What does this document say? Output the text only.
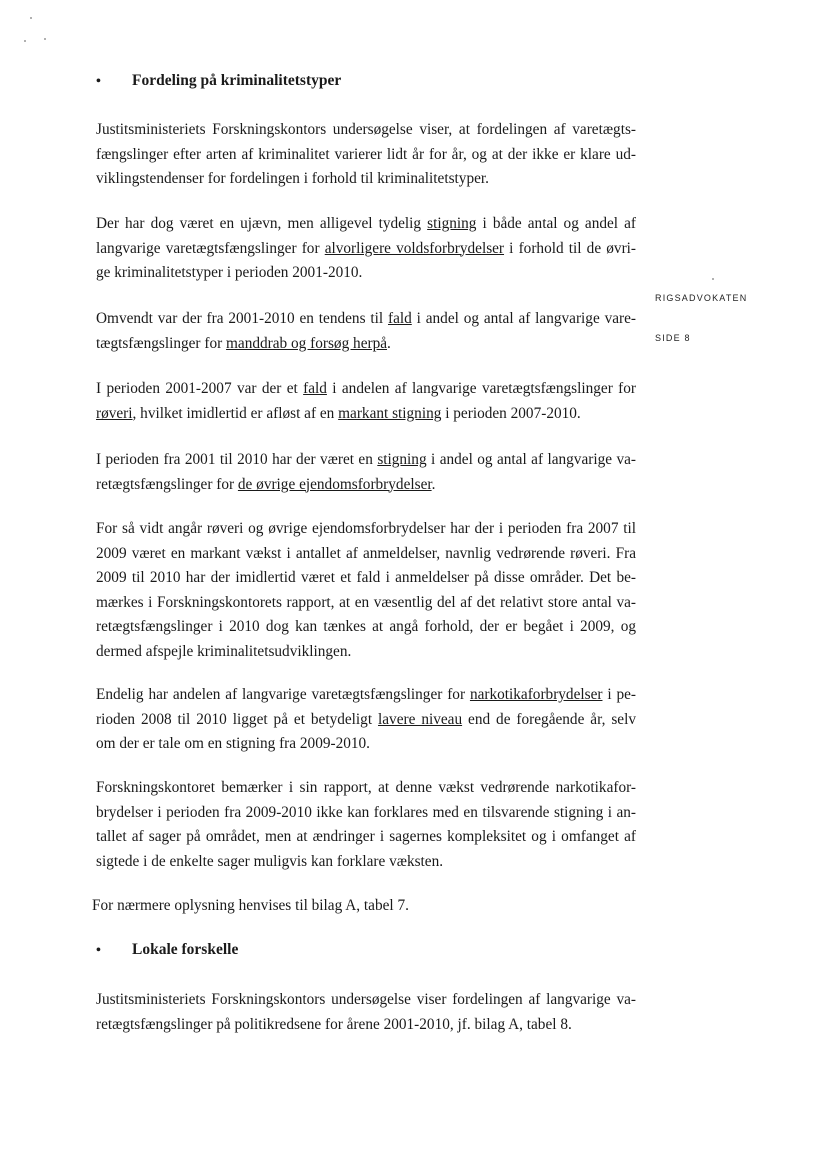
RIGSADVOKATEN
SIDE 8
• Fordeling på kriminalitetstyper
Justitsministeriets Forskningskontors undersøgelse viser, at fordelingen af varetægts-
fængslinger efter arten af kriminalitet varierer lidt år for år, og at der ikke er klare ud-
viklingstendenser for fordelingen i forhold til kriminalitetstyper.
Der har dog været en ujævn, men alligevel tydelig stigning i både antal og andel af
langvarige varetægtsfængslinger for alvorligere voldsforbrydelser i forhold til de øvri-
ge kriminalitetstyper i perioden 2001-2010.
Omvendt var der fra 2001-2010 en tendens til fald i andel og antal af langvarige vare-
tægtsfængslinger for manddrab og forsøg herpå.
I perioden 2001-2007 var der et fald i andelen af langvarige varetægtsfængslinger for
røveri, hvilket imidlertid er afløst af en markant stigning i perioden 2007-2010.
I perioden fra 2001 til 2010 har der været en stigning i andel og antal af langvarige va-
retægtsfængslinger for de øvrige ejendomsforbrydelser.
For så vidt angår røveri og øvrige ejendomsforbrydelser har der i perioden fra 2007 til
2009 været en markant vækst i antallet af anmeldelser, navnlig vedrørende røveri. Fra
2009 til 2010 har der imidlertid været et fald i anmeldelser på disse områder. Det be-
mærkes i Forskningskontorets rapport, at en væsentlig del af det relativt store antal va-
retægtsfængslinger i 2010 dog kan tænkes at angå forhold, der er begået i 2009, og
dermed afspejle kriminalitetsudviklingen.
Endelig har andelen af langvarige varetægtsfængslinger for narkotikaforbrydelser i pe-
rioden 2008 til 2010 ligget på et betydeligt lavere niveau end de foregående år, selv
om der er tale om en stigning fra 2009-2010.
Forskningskontoret bemærker i sin rapport, at denne vækst vedrørende narkotikafor-
brydelser i perioden fra 2009-2010 ikke kan forklares med en tilsvarende stigning i an-
tallet af sager på området, men at ændringer i sagernes kompleksitet og i omfanget af
sigtede i de enkelte sager muligvis kan forklare væksten.
For nærmere oplysning henvises til bilag A, tabel 7.
• Lokale forskelle
Justitsministeriets Forskningskontors undersøgelse viser fordelingen af langvarige va-
retægtsfængslinger på politikredsene for årene 2001-2010, jf. bilag A, tabel 8.
